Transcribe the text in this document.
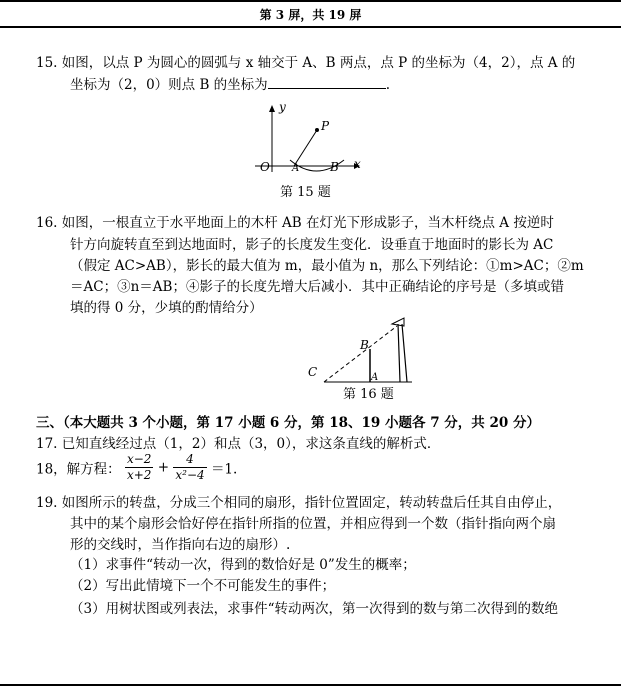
第 3 屏，共 19 屏
15. 如图，以点 P 为圆心的圆弧与 x 轴交于 A、B 两点，点 P 的坐标为（4，2），点 A 的
坐标为（2，0）则点 B 的坐标为	.
y
P
O A	B x
第 15 题
16. 如图，一根直立于水平地面上的木杆 AB 在灯光下形成影子，当木杆绕点 A 按逆时
针方向旋转直至到达地面时，影子的长度发生变化．设垂直于地面时的影长为 AC
（假定 AC>AB），影长的最大值为 m，最小值为 n，那么下列结论：①m>AC；②m
＝AC；③n＝AB；④影子的长度先增大后减小．其中正确结论的序号是（多填或错
填的得 0 分，少填的酌情给分）
B
C	A
第 16 题
三、（本大题共 3 个小题，第 17 小题 6 分，第 18、19 小题各 7 分，共 20 分）
17. 已知直线经过点（1，2）和点（3，0），求这条直线的解析式．
18，解方程： $\frac{x-2}{x+2} + \frac{4}{\text{x²−4}} =1$.
19. 如图所示的转盘，分成三个相同的扇形，指针位置固定，转动转盘后任其自由停止，
其中的某个扇形会恰好停在指针所指的位置，并相应得到一个数（指针指向两个扇
形的交线时，当作指向右边的扇形）.
（1）求事件“转动一次，得到的数恰好是 0”发生的概率；
（2）写出此情境下一个不可能发生的事件；
（3）用树状图或列表法，求事件“转动两次，第一次得到的数与第二次得到的数绝
